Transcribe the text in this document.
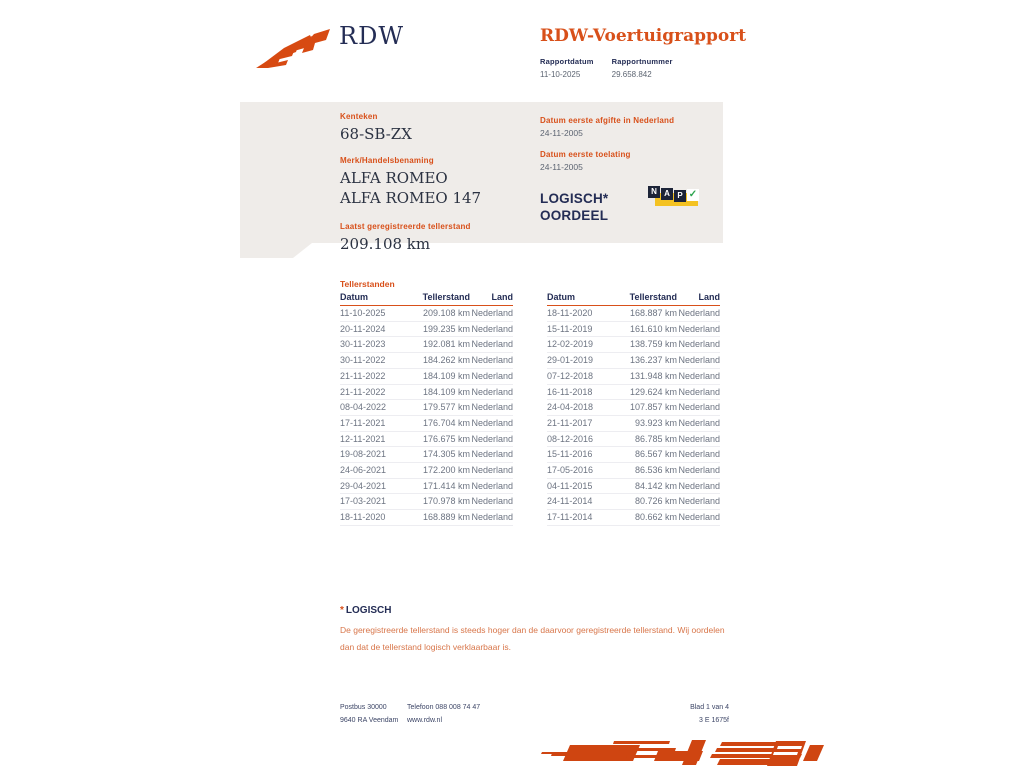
RDW	RDW-Voertuigrapport
Rapportdatum
11-10-2025
Rapportnummer
29.658.842
Kenteken
68-SB-ZX
Merk/Handelsbenaming
ALFA ROMEO ALFA ROMEO 147
Laatst geregistreerde tellerstand
209.108 km
Datum eerste afgifte in Nederland
24-11-2005
Datum eerste toelating
24-11-2005
LOGISCH*
OORDEEL
N A P ✓
Tellerstanden
Datum	Tellerstand	Land
11-10-2025	209.108 km	Nederland
20-11-2024	199.235 km	Nederland
30-11-2023	192.081 km	Nederland
30-11-2022	184.262 km	Nederland
21-11-2022	184.109 km	Nederland
21-11-2022	184.109 km	Nederland
08-04-2022	179.577 km	Nederland
17-11-2021	176.704 km	Nederland
12-11-2021	176.675 km	Nederland
19-08-2021	174.305 km	Nederland
24-06-2021	172.200 km	Nederland
29-04-2021	171.414 km	Nederland
17-03-2021	170.978 km	Nederland
18-11-2020	168.889 km	Nederland
Datum	Tellerstand	Land
18-11-2020	168.887 km	Nederland
15-11-2019	161.610 km	Nederland
12-02-2019	138.759 km	Nederland
29-01-2019	136.237 km	Nederland
07-12-2018	131.948 km	Nederland
16-11-2018	129.624 km	Nederland
24-04-2018	107.857 km	Nederland
21-11-2017	93.923 km	Nederland
08-12-2016	86.785 km	Nederland
15-11-2016	86.567 km	Nederland
17-05-2016	86.536 km	Nederland
04-11-2015	84.142 km	Nederland
24-11-2014	80.726 km	Nederland
17-11-2014	80.662 km	Nederland
* LOGISCH
De geregistreerde tellerstand is steeds hoger dan de daarvoor geregistreerde tellerstand. Wij oordelen dan dat de tellerstand logisch verklaarbaar is.
Postbus 30000
9640 RA Veendam
Telefoon 088 008 74 47
www.rdw.nl
Blad 1 van 4
3 E 1675f
